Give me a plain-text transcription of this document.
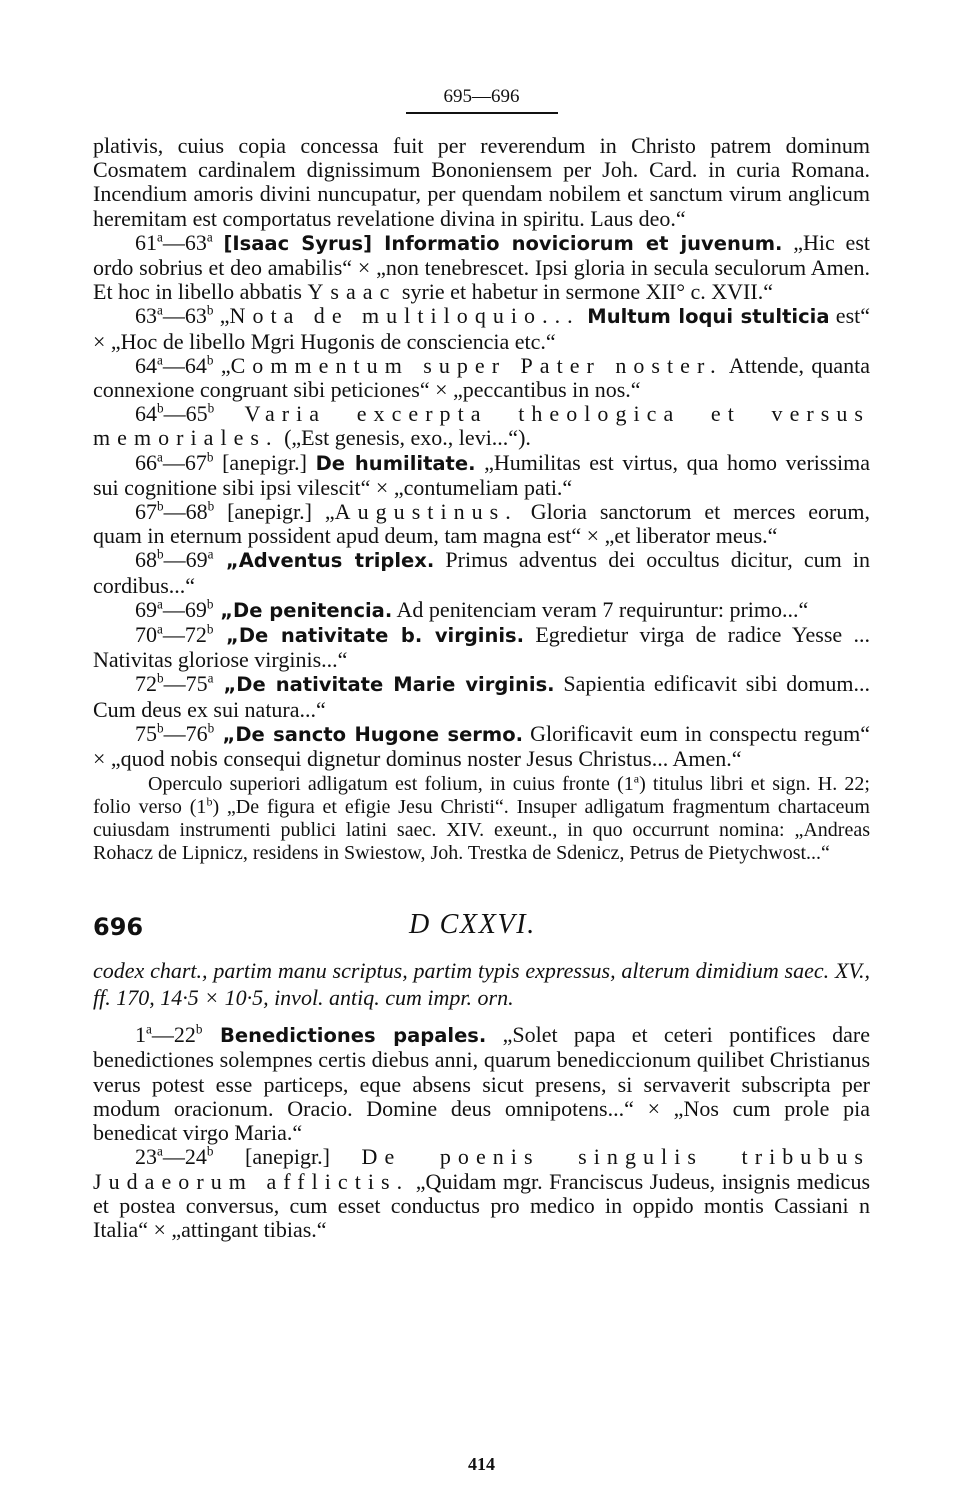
695—696

plativis, cuius copia concessa fuit per reverendum in Christo patrem dominum Cosmatem cardinalem dignissimum Bononiensem per Joh. Card. in curia Romana. Incendium amoris divini nuncupatur, per quendam nobilem et sanctum virum anglicum heremitam est comportatus revelatione divina in spiritu. Laus deo.“

61$^a$—63$^a$ [Isaac Syrus] Informatio noviciorum et juvenum. „Hic est ordo sobrius et deo amabilis“ × „non tenebrescet. Ipsi gloria in secula seculorum Amen. Et hoc in libello abbatis Ysaac syrie et habetur in sermone XII° c. XVII.“

63$^a$—63$^b$ „Nota de multiloquio... Multum loqui stulticia est“ × „Hoc de libello Mgri Hugonis de consciencia etc.“

64$^a$—64$^b$ „Commentum super Pater noster. Attende, quanta connexione congruant sibi peticiones“ × „peccantibus in nos.“

64$^b$—65$^b$ Varia excerpta theologica et versus memoriales. („Est genesis, exo., levi...“).

66$^a$—67$^b$ [anepigr.] De humilitate. „Humilitas est virtus, qua homo verissima sui cognitione sibi ipsi vilescit“ × „contumeliam pati.“

67$^b$—68$^b$ [anepigr.] „Augustinus. Gloria sanctorum et merces eorum, quam in eternum possident apud deum, tam magna est“ × „et liberator meus.“

68$^b$—69$^a$ „Adventus triplex. Primus adventus dei occultus dicitur, cum in cordibus...“

69$^a$—69$^b$ „De penitencia. Ad penitenciam veram 7 requiruntur: primo...“

70$^a$—72$^b$ „De nativitate b. virginis. Egredietur virga de radice Yesse ... Nativitas gloriose virginis...“

72$^b$—75$^a$ „De nativitate Marie virginis. Sapientia edificavit sibi domum... Cum deus ex sui natura...“

75$^b$—76$^b$ „De sancto Hugone sermo. Glorificavit eum in conspectu regum“ × „quod nobis consequi dignetur dominus noster Jesus Christus... Amen.“

Operculo superiori adligatum est folium, in cuius fronte (1$^a$) titulus libri et sign. H. 22; folio verso (1$^b$) „De figura et efigie Jesu Christi“. Insuper adligatum fragmentum chartaceum cuiusdam instrumenti publici latini saec. XIV. exeunt., in quo occurrunt nomina: „Andreas Rohacz de Lipnicz, residens in Swiestow, Joh. Trestka de Sdenicz, Petrus de Pietychwost...“

696	D CXXVI.

codex chart., partim manu scriptus, partim typis expressus, alterum dimidium saec. XV., ff. 170, 14·5 × 10·5, invol. antiq. cum impr. orn.

1$^a$—22$^b$ Benedictiones papales. „Solet papa et ceteri pontifices dare benedictiones solempnes certis diebus anni, quarum benediccionum quilibet Christianus verus potest esse particeps, eque absens sicut presens, si servaverit subscripta per modum oracionum. Oracio. Domine deus omnipotens...“ × „Nos cum prole pia benedicat virgo Maria.“

23$^a$—24$^b$ [anepigr.] De poenis singulis tribubus Judaeorum afflictis. „Quidam mgr. Franciscus Judeus, insignis medicus et postea conversus, cum esset conductus pro medico in oppido montis Cassiani n Italia“ × „attingant tibias.“

414
